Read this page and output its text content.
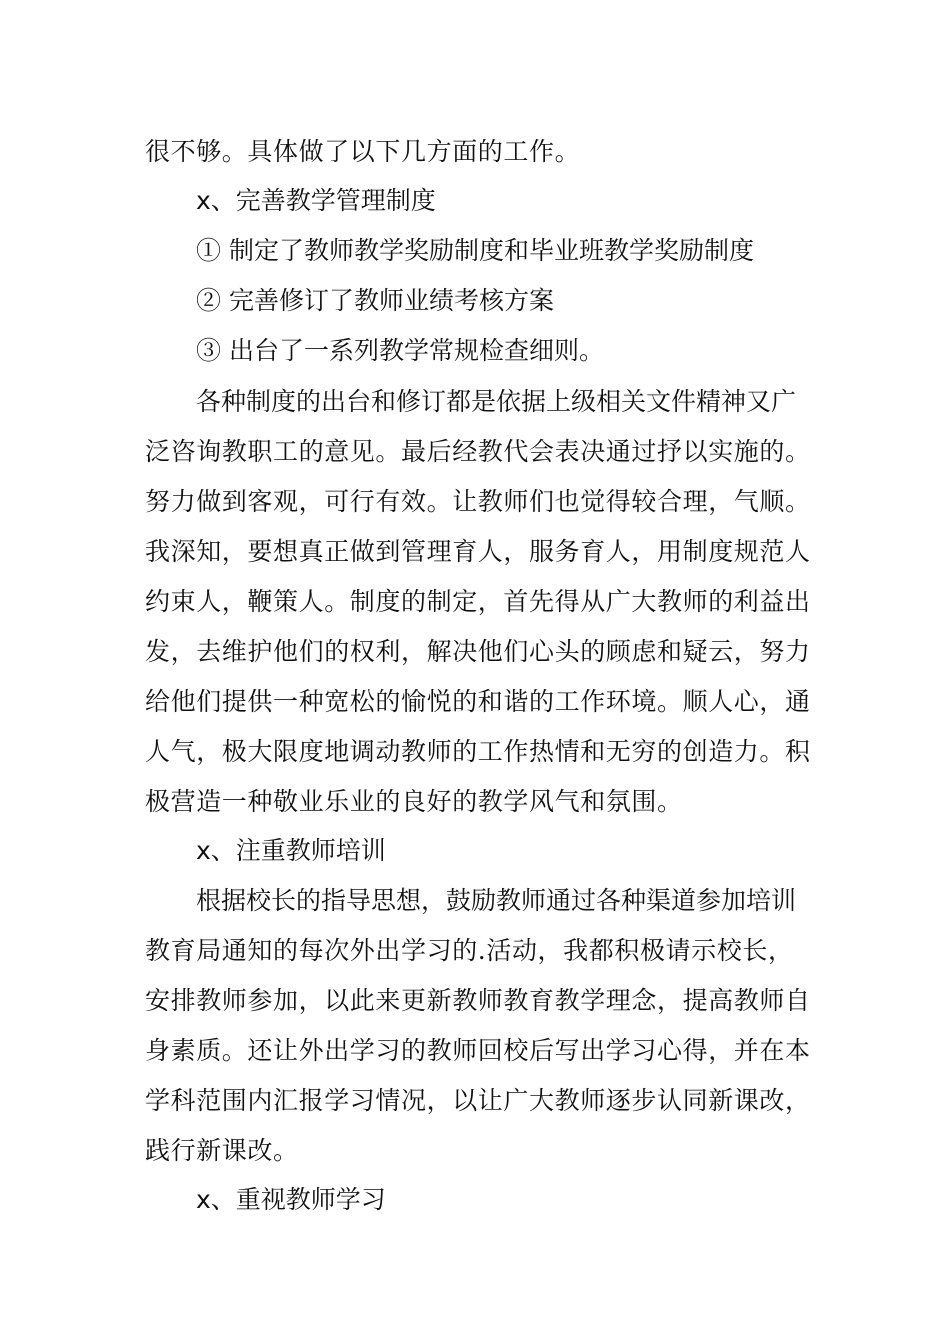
很不够。具体做了以下几方面的工作。
x、完善教学管理制度
① 制定了教师教学奖励制度和毕业班教学奖励制度
② 完善修订了教师业绩考核方案
③ 出台了一系列教学常规检查细则。
各种制度的出台和修订都是依据上级相关文件精神又广
泛咨询教职工的意见。最后经教代会表决通过抒以实施的。
努力做到客观，可行有效。让教师们也觉得较合理，气顺。
我深知，要想真正做到管理育人，服务育人，用制度规范人
约束人，鞭策人。制度的制定，首先得从广大教师的利益出
发，去维护他们的权利，解决他们心头的顾虑和疑云，努力
给他们提供一种宽松的愉悦的和谐的工作环境。顺人心，通
人气，极大限度地调动教师的工作热情和无穷的创造力。积
极营造一种敬业乐业的良好的教学风气和氛围。
x、注重教师培训
根据校长的指导思想，鼓励教师通过各种渠道参加培训
教育局通知的每次外出学习的.活动，我都积极请示校长，
安排教师参加，以此来更新教师教育教学理念，提高教师自
身素质。还让外出学习的教师回校后写出学习心得，并在本
学科范围内汇报学习情况，以让广大教师逐步认同新课改，
践行新课改。
x、重视教师学习
